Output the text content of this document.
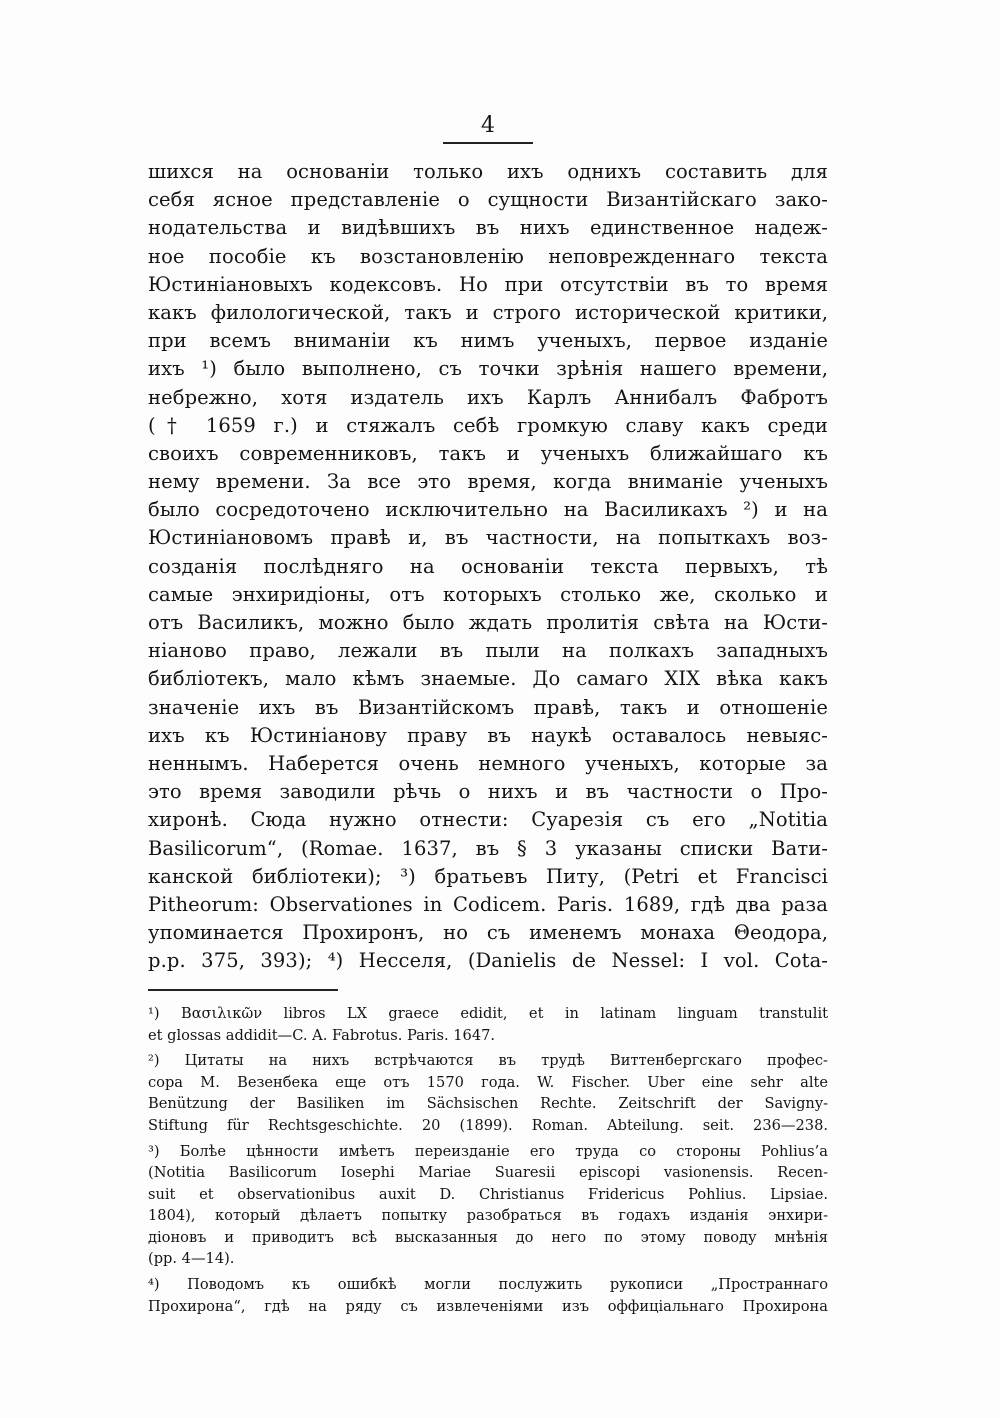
4
шихся на основаніи только ихъ однихъ составить для
себя ясное представленіе о сущности Византійскаго зако-
нодательства и видѣвшихъ въ нихъ единственное надеж-
ное пособіе къ возстановленію неповрежденнаго текста
Юстиніановыхъ кодексовъ. Но при отсутствіи въ то время
какъ филологической, такъ и строго исторической критики,
при всемъ вниманіи къ нимъ ученыхъ, первое изданіе
ихъ ¹) было выполнено, съ точки зрѣнія нашего времени,
небрежно, хотя издатель ихъ Карлъ Аннибалъ Фабротъ
(† 1659 г.) и стяжалъ себѣ громкую славу какъ среди
своихъ современниковъ, такъ и ученыхъ ближайшаго къ
нему времени. За все это время, когда вниманіе ученыхъ
было сосредоточено исключительно на Василикахъ ²) и на
Юстиніановомъ правѣ и, въ частности, на попыткахъ воз-
созданія послѣдняго на основаніи текста первыхъ, тѣ
самые энхиридіоны, отъ которыхъ столько же, сколько и
отъ Василикъ, можно было ждать пролитія свѣта на Юсти-
ніаново право, лежали въ пыли на полкахъ западныхъ
библіотекъ, мало кѣмъ знаемые. До самаго XIX вѣка какъ
значеніе ихъ въ Византійскомъ правѣ, такъ и отношеніе
ихъ къ Юстиніанову праву въ наукѣ оставалось невыяс-
неннымъ. Наберется очень немного ученыхъ, которые за
это время заводили рѣчь о нихъ и въ частности о Про-
хиронѣ. Сюда нужно отнести: Суарезія съ его „Notitia
Basilicorum“, (Romae. 1637, въ § 3 указаны списки Вати-
канской библіотеки); ³) братьевъ Питу, (Petri et Francisci
Pitheorum: Observationes in Codicem. Paris. 1689, гдѣ два раза
упоминается Прохиронъ, но съ именемъ монаха Θеодора,
р.р. 375, 393); ⁴) Несселя, (Danielis de Nessel: I vol. Cota-
¹) Βασιλικῶν libros LX graece edidit, et in latinam linguam transtulit
et glossas addidit—C. A. Fabrotus. Paris. 1647.
²) Цитаты на нихъ встрѣчаются въ трудѣ Виттенбергскаго профес-
сора М. Везенбека еще отъ 1570 года. W. Fischer. Uber eine sehr alte
Benützung der Basiliken im Sächsischen Rechte. Zeitschrift der Savigny-
Stiftung für Rechtsgeschichte. 20 (1899). Roman. Abteilung. seit. 236—238.
³) Болѣе цѣнности имѣетъ переизданіе его труда со стороны Pohlius’a
(Notitia Basilicorum Iosephi Mariae Suaresii episcopi vasionensis. Recen-
suit et observationibus auxit D. Christianus Fridericus Pohlius. Lipsiae.
1804), который дѣлаетъ попытку разобраться въ годахъ изданія энхири-
діоновъ и приводитъ всѣ высказанныя до него по этому поводу мнѣнія
(pp. 4—14).
⁴) Поводомъ къ ошибкѣ могли послужить рукописи „Пространнаго
Прохирона“, гдѣ на ряду съ извлеченіями изъ оффиціальнаго Прохирона
